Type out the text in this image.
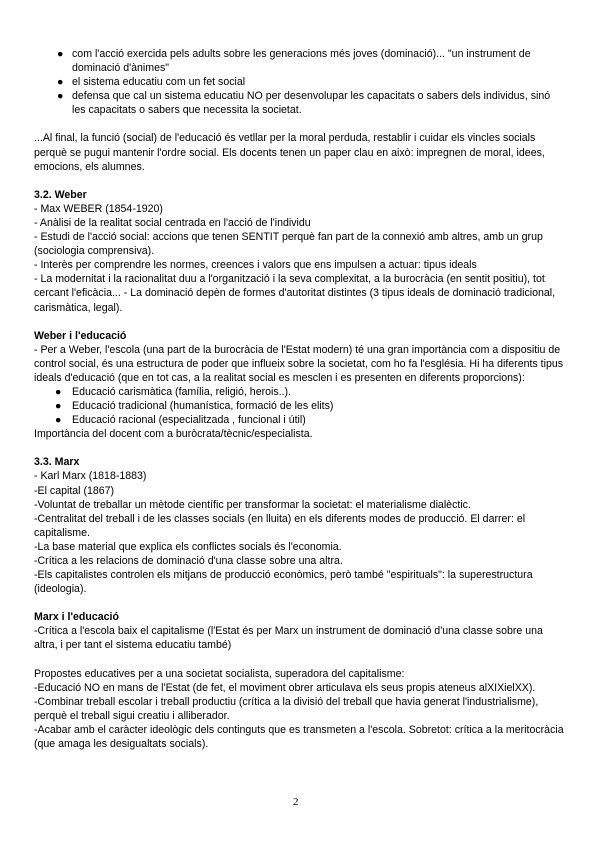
● com l'acció exercida pels adults sobre les generacions més joves (dominació)... "un instrument de dominació d'ànimes"
● el sistema educatiu com un fet social
● defensa que cal un sistema educatiu NO per desenvolupar les capacitats o sabers dels individus, sinó les capacitats o sabers que necessita la societat.

...Al final, la funció (social) de l'educació és vetllar per la moral perduda, restablir i cuidar els vincles socials perquè se pugui mantenir l'ordre social. Els docents tenen un paper clau en això: impregnen de moral, idees, emocions, els alumnes.

3.2. Weber

- Max WEBER (1854-1920)
- Anàlisi de la realitat social centrada en l'acció de l'individu
- Estudi de l'acció social: accions que tenen SENTIT perquè fan part de la connexió amb altres, amb un grup (sociologia comprensiva).
- Interès per comprendre les normes, creences i valors que ens impulsen a actuar: tipus ideals
- La modernitat i la racionalitat duu a l'organització i la seva complexitat, a la burocràcia (en sentit positiu), tot cercant l'eficàcia... - La dominació depèn de formes d'autoritat distintes (3 tipus ideals de dominació tradicional, carismàtica, legal).

Weber i l'educació

- Per a Weber, l'escola (una part de la burocràcia de l'Estat modern) té una gran importància com a dispositiu de control social, és una estructura de poder que influeix sobre la societat, com ho fa l'església. Hi ha diferents tipus ideals d'educació (que en tot cas, a la realitat social es mesclen i es presenten en diferents proporcions):

● Educació carismàtica (família, religió, herois..).
● Educació tradicional (humanística, formació de les elits)
● Educació racional (especialitzada , funcional i útil)

Importància del docent com a buròcrata/tècnic/especialista.

3.3. Marx

- Karl Marx (1818-1883)
-El capital (1867)
-Voluntat de treballar un mètode científic per transformar la societat: el materialisme dialèctic.
-Centralitat del treball i de les classes socials (en lluita) en els diferents modes de producció. El darrer: el capitalisme.
-La base material que explica els conflictes socials és l'economia.
-Crítica a les relacions de dominació d'una classe sobre una altra.
-Els capitalistes controlen els mitjans de producció econòmics, però també "espirituals": la superestructura (ideologia).

Marx i l'educació

-Crítica a l'escola baix el capitalisme (l'Estat és per Marx un instrument de dominació d'una classe sobre una altra, i per tant el sistema educatiu també)

Propostes educatives per a una societat socialista, superadora del capitalisme:

-Educació NO en mans de l'Estat (de fet, el moviment obrer articulava els seus propis ateneus alXIXielXX).
-Combinar treball escolar i treball productiu (crítica a la divisió del treball que havia generat l'industrialisme), perquè el treball sigui creatiu i alliberador.
-Acabar amb el caràcter ideològic dels continguts que es transmeten a l'escola. Sobretot: crítica a la meritocràcia (que amaga les desigualtats socials).
2
